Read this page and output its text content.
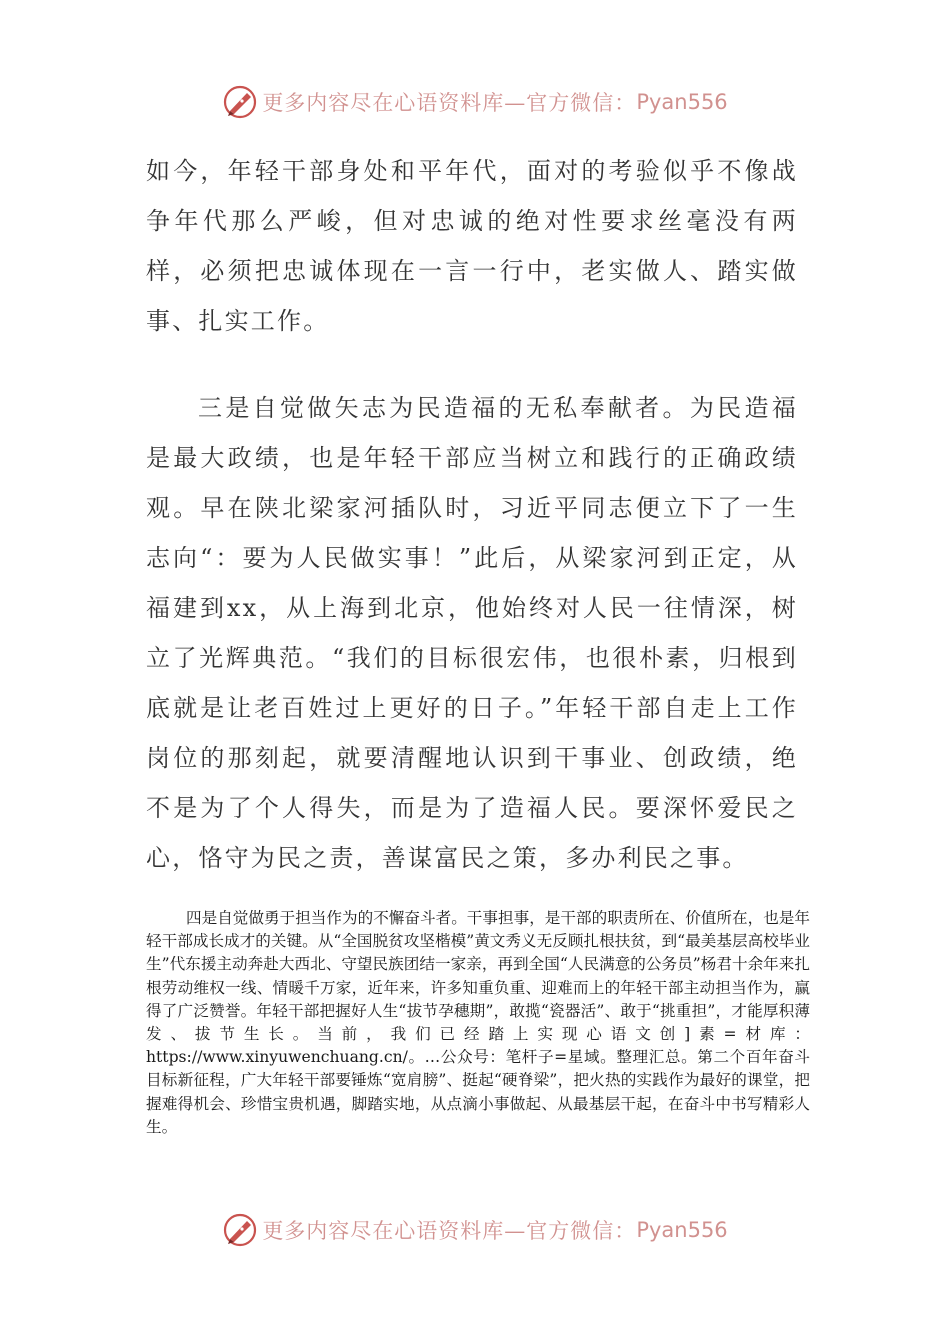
更多内容尽在心语资料库—官方微信： Pyan556

如今，年轻干部身处和平年代，面对的考验似乎不像战争年代那么严峻，但对忠诚的绝对性要求丝毫没有两样，必须把忠诚体现在一言一行中，老实做人、踏实做事、扎实工作。

三是自觉做矢志为民造福的无私奉献者。为民造福是最大政绩，也是年轻干部应当树立和践行的正确政绩观。早在陕北梁家河插队时，习近平同志便立下了一生志向“：要为人民做实事！”此后，从梁家河到正定，从福建到xx，从上海到北京，他始终对人民一往情深，树立了光辉典范。“我们的目标很宏伟，也很朴素，归根到底就是让老百姓过上更好的日子。”年轻干部自走上工作岗位的那刻起，就要清醒地认识到干事业、创政绩，绝不是为了个人得失，而是为了造福人民。要深怀爱民之心，恪守为民之责，善谋富民之策，多办利民之事。

四是自觉做勇于担当作为的不懈奋斗者。干事担事，是干部的职责所在、价值所在，也是年轻干部成长成才的关键。从“全国脱贫攻坚楷模”黄文秀义无反顾扎根扶贫，到“最美基层高校毕业生”代东援主动奔赴大西北、守望民族团结一家亲，再到全国“人民满意的公务员”杨君十余年来扎根劳动维权一线、情暖千万家，近年来，许多知重负重、迎难而上的年轻干部主动担当作为，赢得了广泛赞誉。年轻干部把握好人生“拔节孕穗期”，敢揽“瓷器活”、敢于“挑重担”，才能厚积薄发、拔节生长。当前，我们已经踏上实现心语文创]素=材库：https://www.xinyuwenchuang.cn/。…公众号：笔杆子=星域。整理汇总。第二个百年奋斗目标新征程，广大年轻干部要锤炼“宽肩膀”、挺起“硬脊梁”，把火热的实践作为最好的课堂，把握难得机会、珍惜宝贵机遇，脚踏实地，从点滴小事做起、从最基层干起，在奋斗中书写精彩人生。

更多内容尽在心语资料库—官方微信： Pyan556
